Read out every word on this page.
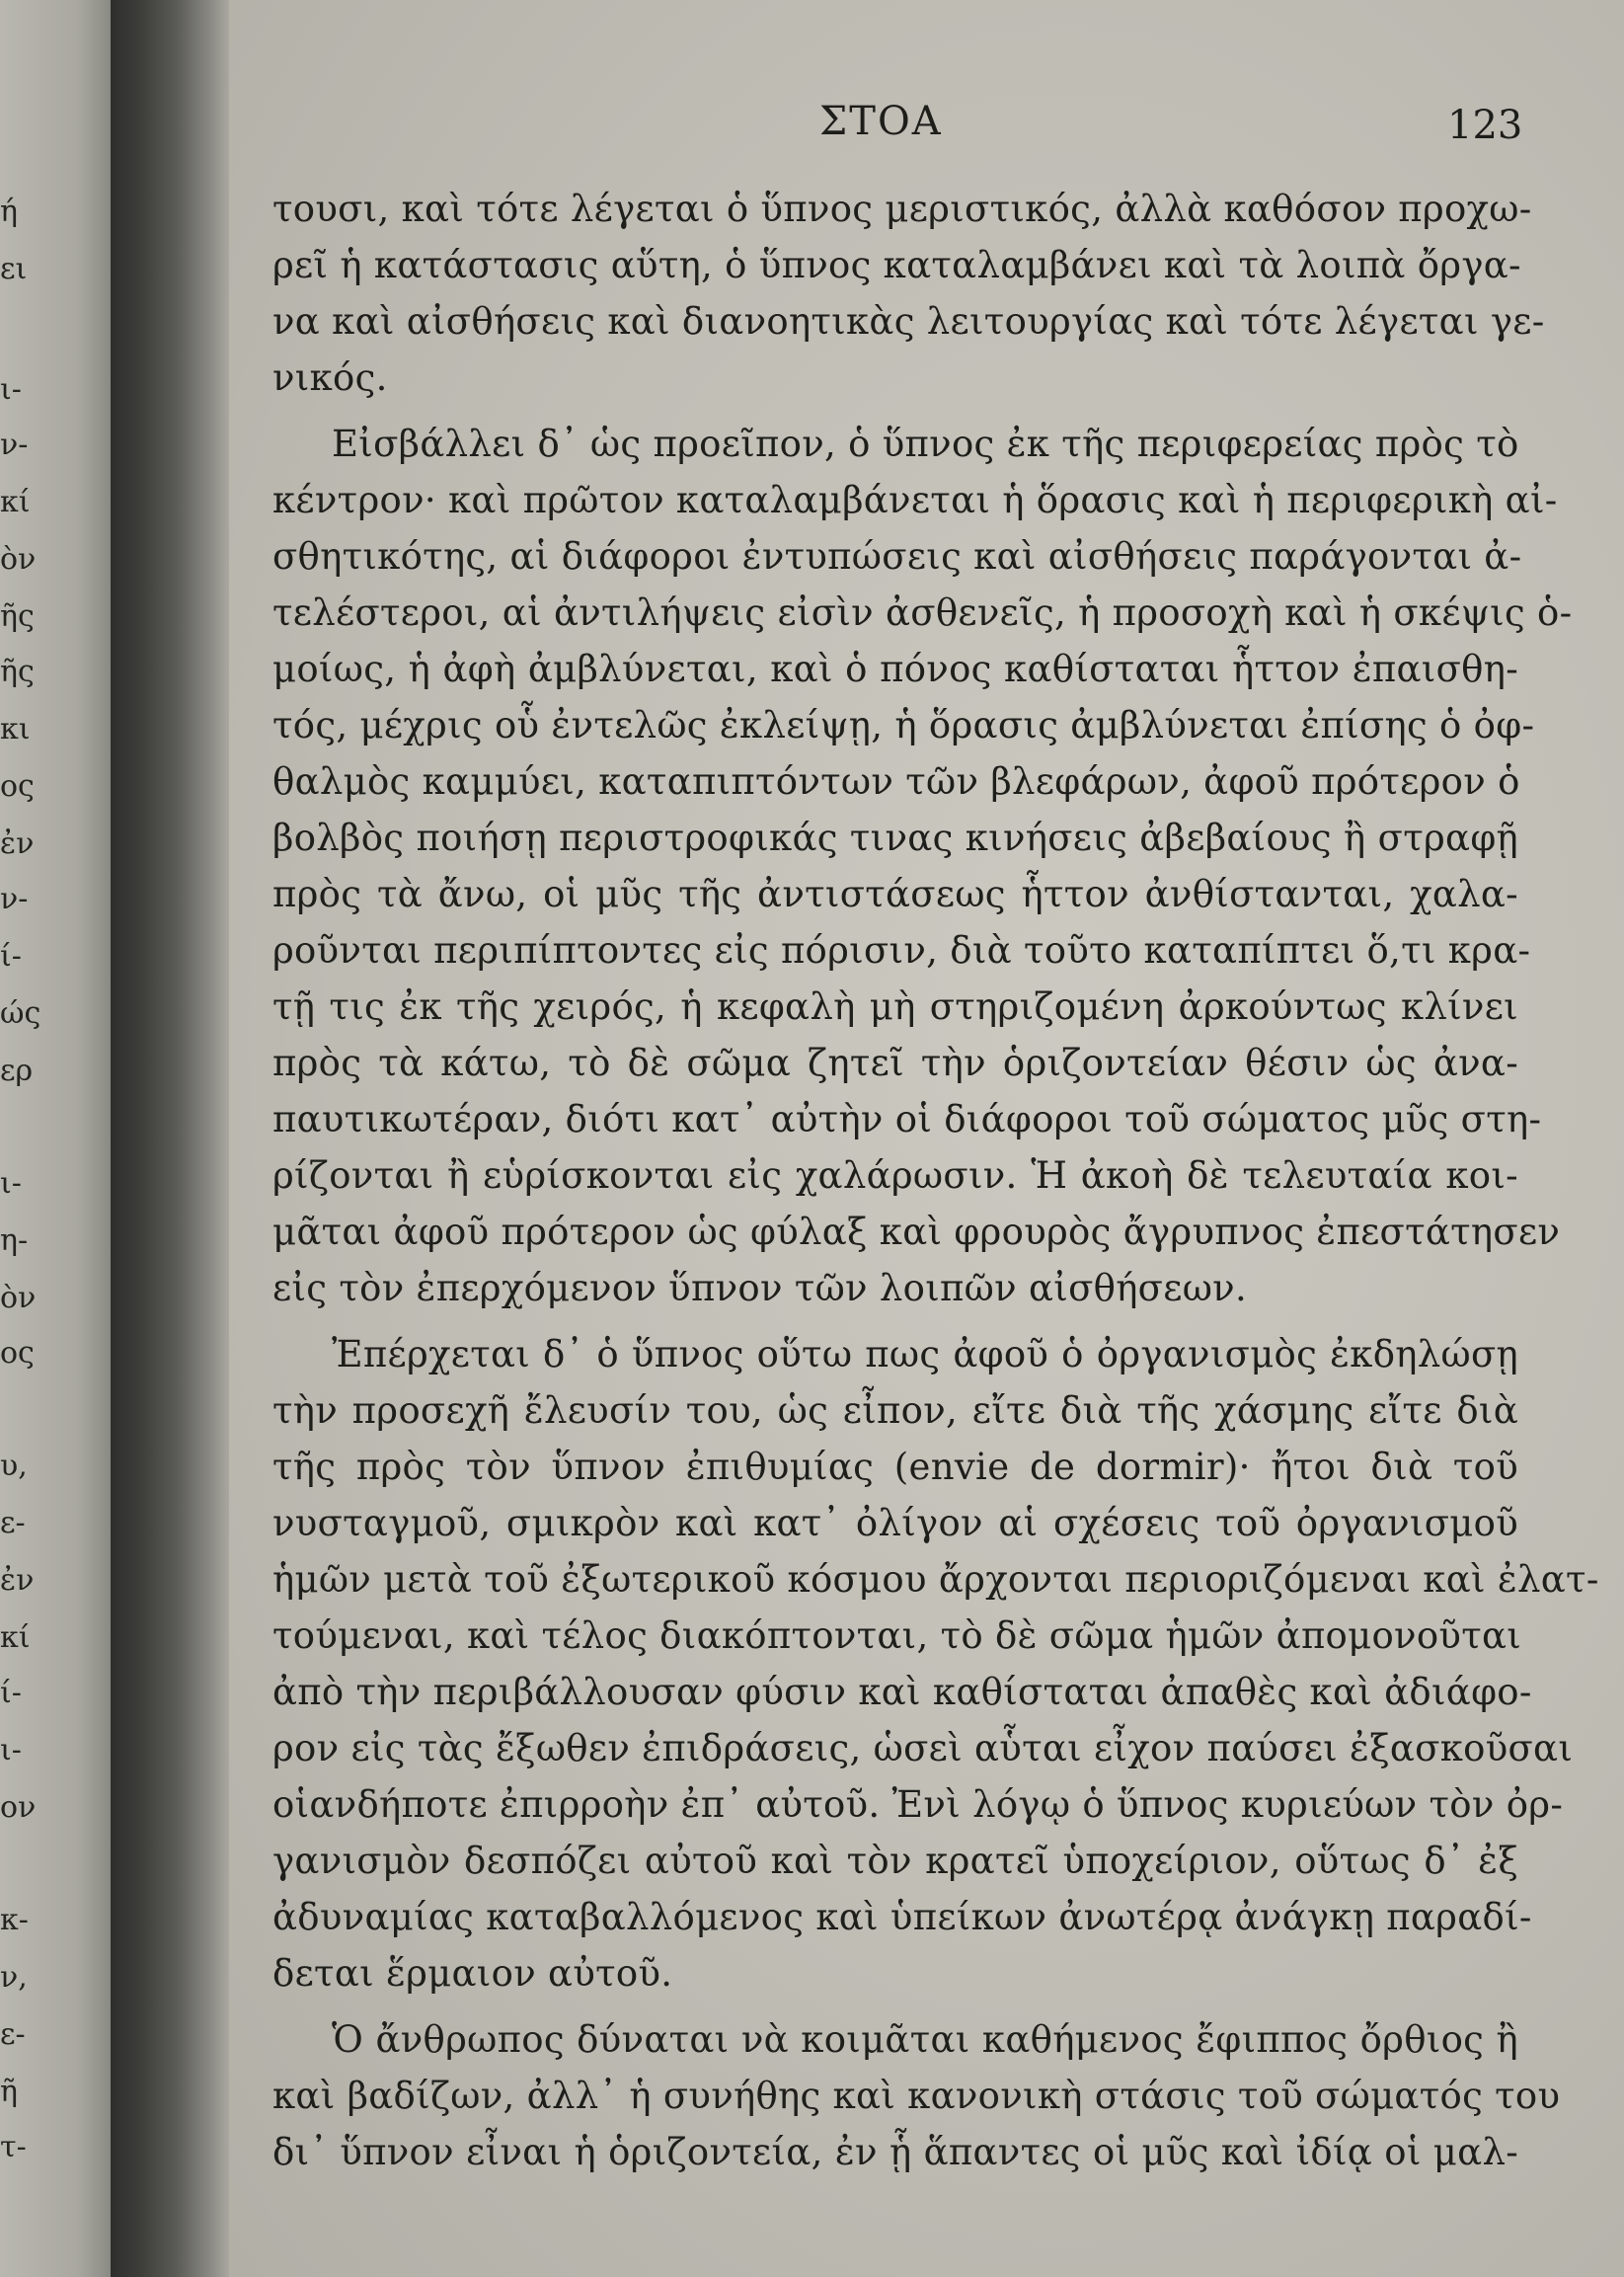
ή
ει
ι-
ν-
κί
ὸν
ῆς
ῆς
κι
ος
ἐν
ν-
ί-
ώς
ερ
ι-
η-
ὸν
ος
υ,
ε-
ἐν
κί
ί-
ι-
ον
κ-
ν,
ε-
ῆ
τ-
ΣΤΟΑ	123
τουσι, καὶ τότε λέγεται ὁ ὕπνος μεριστικός, ἀλλὰ καθόσον προχω-
ρεῖ ἡ κατάστασις αὕτη, ὁ ὕπνος καταλαμβάνει καὶ τὰ λοιπὰ ὄργα-
να καὶ αἰσθήσεις καὶ διανοητικὰς λειτουργίας καὶ τότε λέγεται γε-
νικός.
Εἰσβάλλει δ᾽ ὡς προεῖπον, ὁ ὕπνος ἐκ τῆς περιφερείας πρὸς τὸ
κέντρον· καὶ πρῶτον καταλαμβάνεται ἡ ὅρασις καὶ ἡ περιφερικὴ αἰ-
σθητικότης, αἱ διάφοροι ἐντυπώσεις καὶ αἰσθήσεις παράγονται ἀ-
τελέστεροι, αἱ ἀντιλήψεις εἰσὶν ἀσθενεῖς, ἡ προσοχὴ καὶ ἡ σκέψις ὁ-
μοίως, ἡ ἀφὴ ἀμβλύνεται, καὶ ὁ πόνος καθίσταται ἧττον ἐπαισθη-
τός, μέχρις οὗ ἐντελῶς ἐκλείψῃ, ἡ ὅρασις ἀμβλύνεται ἐπίσης ὁ ὀφ-
θαλμὸς καμμύει, καταπιπτόντων τῶν βλεφάρων, ἀφοῦ πρότερον ὁ
βολβὸς ποιήσῃ περιστροφικάς τινας κινήσεις ἀβεβαίους ἢ στραφῇ
πρὸς τὰ ἄνω, οἱ μῦς τῆς ἀντιστάσεως ἧττον ἀνθίστανται, χαλα-
ροῦνται περιπίπτοντες εἰς πόρισιν, διὰ τοῦτο καταπίπτει ὅ,τι κρα-
τῇ τις ἐκ τῆς χειρός, ἡ κεφαλὴ μὴ στηριζομένη ἀρκούντως κλίνει
πρὸς τὰ κάτω, τὸ δὲ σῶμα ζητεῖ τὴν ὁριζοντείαν θέσιν ὡς ἀνα-
παυτικωτέραν, διότι κατ᾽ αὐτὴν οἱ διάφοροι τοῦ σώματος μῦς στη-
ρίζονται ἢ εὑρίσκονται εἰς χαλάρωσιν. Ἡ ἀκοὴ δὲ τελευταία κοι-
μᾶται ἀφοῦ πρότερον ὡς φύλαξ καὶ φρουρὸς ἄγρυπνος ἐπεστάτησεν
εἰς τὸν ἐπερχόμενον ὕπνον τῶν λοιπῶν αἰσθήσεων.
Ἐπέρχεται δ᾽ ὁ ὕπνος οὕτω πως ἀφοῦ ὁ ὀργανισμὸς ἐκδηλώσῃ
τὴν προσεχῆ ἔλευσίν του, ὡς εἶπον, εἴτε διὰ τῆς χάσμης εἴτε διὰ
τῆς πρὸς τὸν ὕπνον ἐπιθυμίας (envie de dormir)· ἤτοι διὰ τοῦ
νυσταγμοῦ, σμικρὸν καὶ κατ᾽ ὀλίγον αἱ σχέσεις τοῦ ὀργανισμοῦ
ἡμῶν μετὰ τοῦ ἐξωτερικοῦ κόσμου ἄρχονται περιοριζόμεναι καὶ ἐλατ-
τούμεναι, καὶ τέλος διακόπτονται, τὸ δὲ σῶμα ἡμῶν ἀπομονοῦται
ἀπὸ τὴν περιβάλλουσαν φύσιν καὶ καθίσταται ἀπαθὲς καὶ ἀδιάφο-
ρον εἰς τὰς ἔξωθεν ἐπιδράσεις, ὡσεὶ αὗται εἶχον παύσει ἐξασκοῦσαι
οἱανδήποτε ἐπιρροὴν ἐπ᾽ αὐτοῦ. Ἐνὶ λόγῳ ὁ ὕπνος κυριεύων τὸν ὀρ-
γανισμὸν δεσπόζει αὐτοῦ καὶ τὸν κρατεῖ ὑποχείριον, οὕτως δ᾽ ἐξ
ἀδυναμίας καταβαλλόμενος καὶ ὑπείκων ἀνωτέρᾳ ἀνάγκῃ παραδί-
δεται ἕρμαιον αὐτοῦ.
Ὁ ἄνθρωπος δύναται νὰ κοιμᾶται καθήμενος ἔφιππος ὄρθιος ἢ
καὶ βαδίζων, ἀλλ᾽ ἡ συνήθης καὶ κανονικὴ στάσις τοῦ σώματός του
δι᾽ ὕπνον εἶναι ἡ ὁριζοντεία, ἐν ᾗ ἅπαντες οἱ μῦς καὶ ἰδίᾳ οἱ μαλ-
